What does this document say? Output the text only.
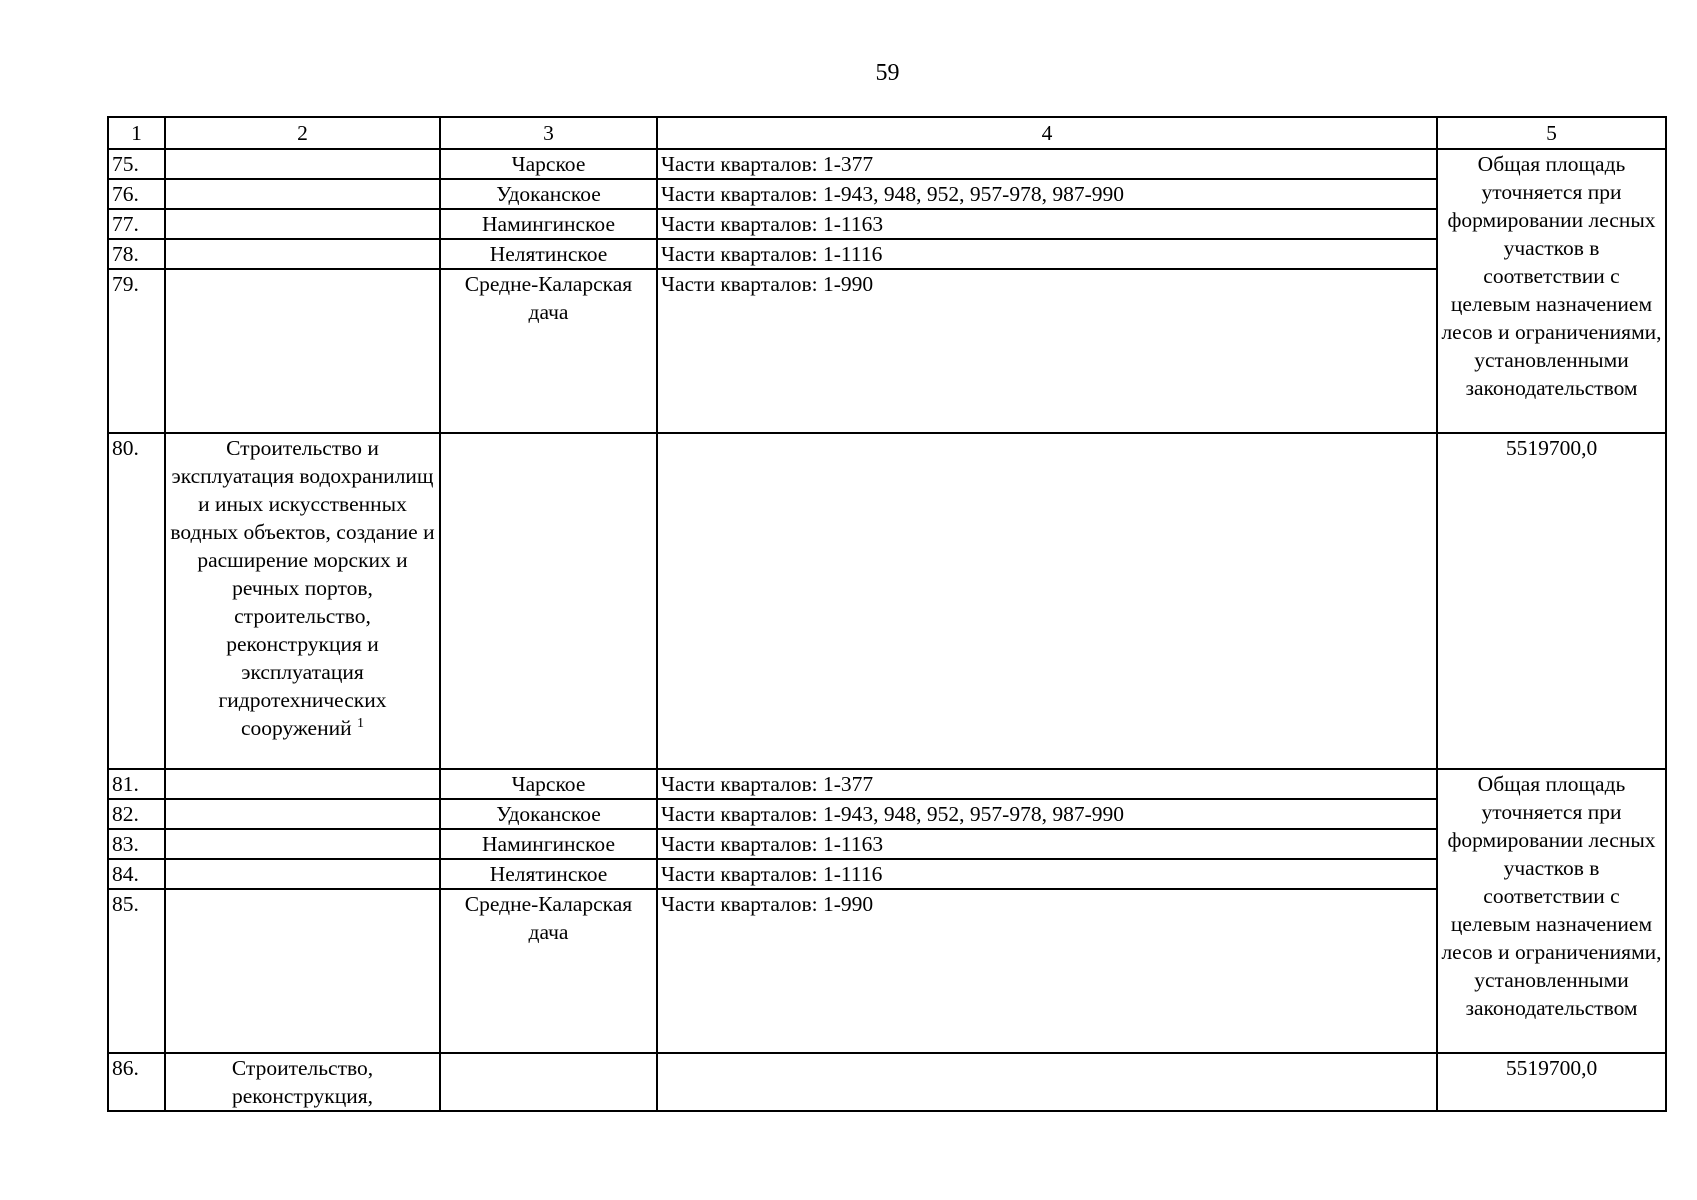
59
1	2	3	4	5
75.		Чарское	Части кварталов: 1-377	Общая площадь уточняется при формировании лесных участков в соответствии с целевым назначением лесов и ограничениями, установленными законодательством
76.		Удоканское	Части кварталов: 1-943, 948, 952, 957-978, 987-990	
77.		Намингинское	Части кварталов: 1-1163	
78.		Нелятинское	Части кварталов: 1-1116	
79.		Средне-Каларская дача	Части кварталов: 1-990	
80.	Строительство и эксплуатация водохранилищ и иных искусственных водных объектов, создание и расширение морских и речных портов, строительство, реконструкция и эксплуатация гидротехнических сооружений $^1$			5519700,0
81.		Чарское	Части кварталов: 1-377	Общая площадь уточняется при формировании лесных участков в соответствии с целевым назначением лесов и ограничениями, установленными законодательством
82.		Удоканское	Части кварталов: 1-943, 948, 952, 957-978, 987-990	
83.		Намингинское	Части кварталов: 1-1163	
84.		Нелятинское	Части кварталов: 1-1116	
85.		Средне-Каларская дача	Части кварталов: 1-990	
86.	Строительство, реконструкция,			5519700,0
